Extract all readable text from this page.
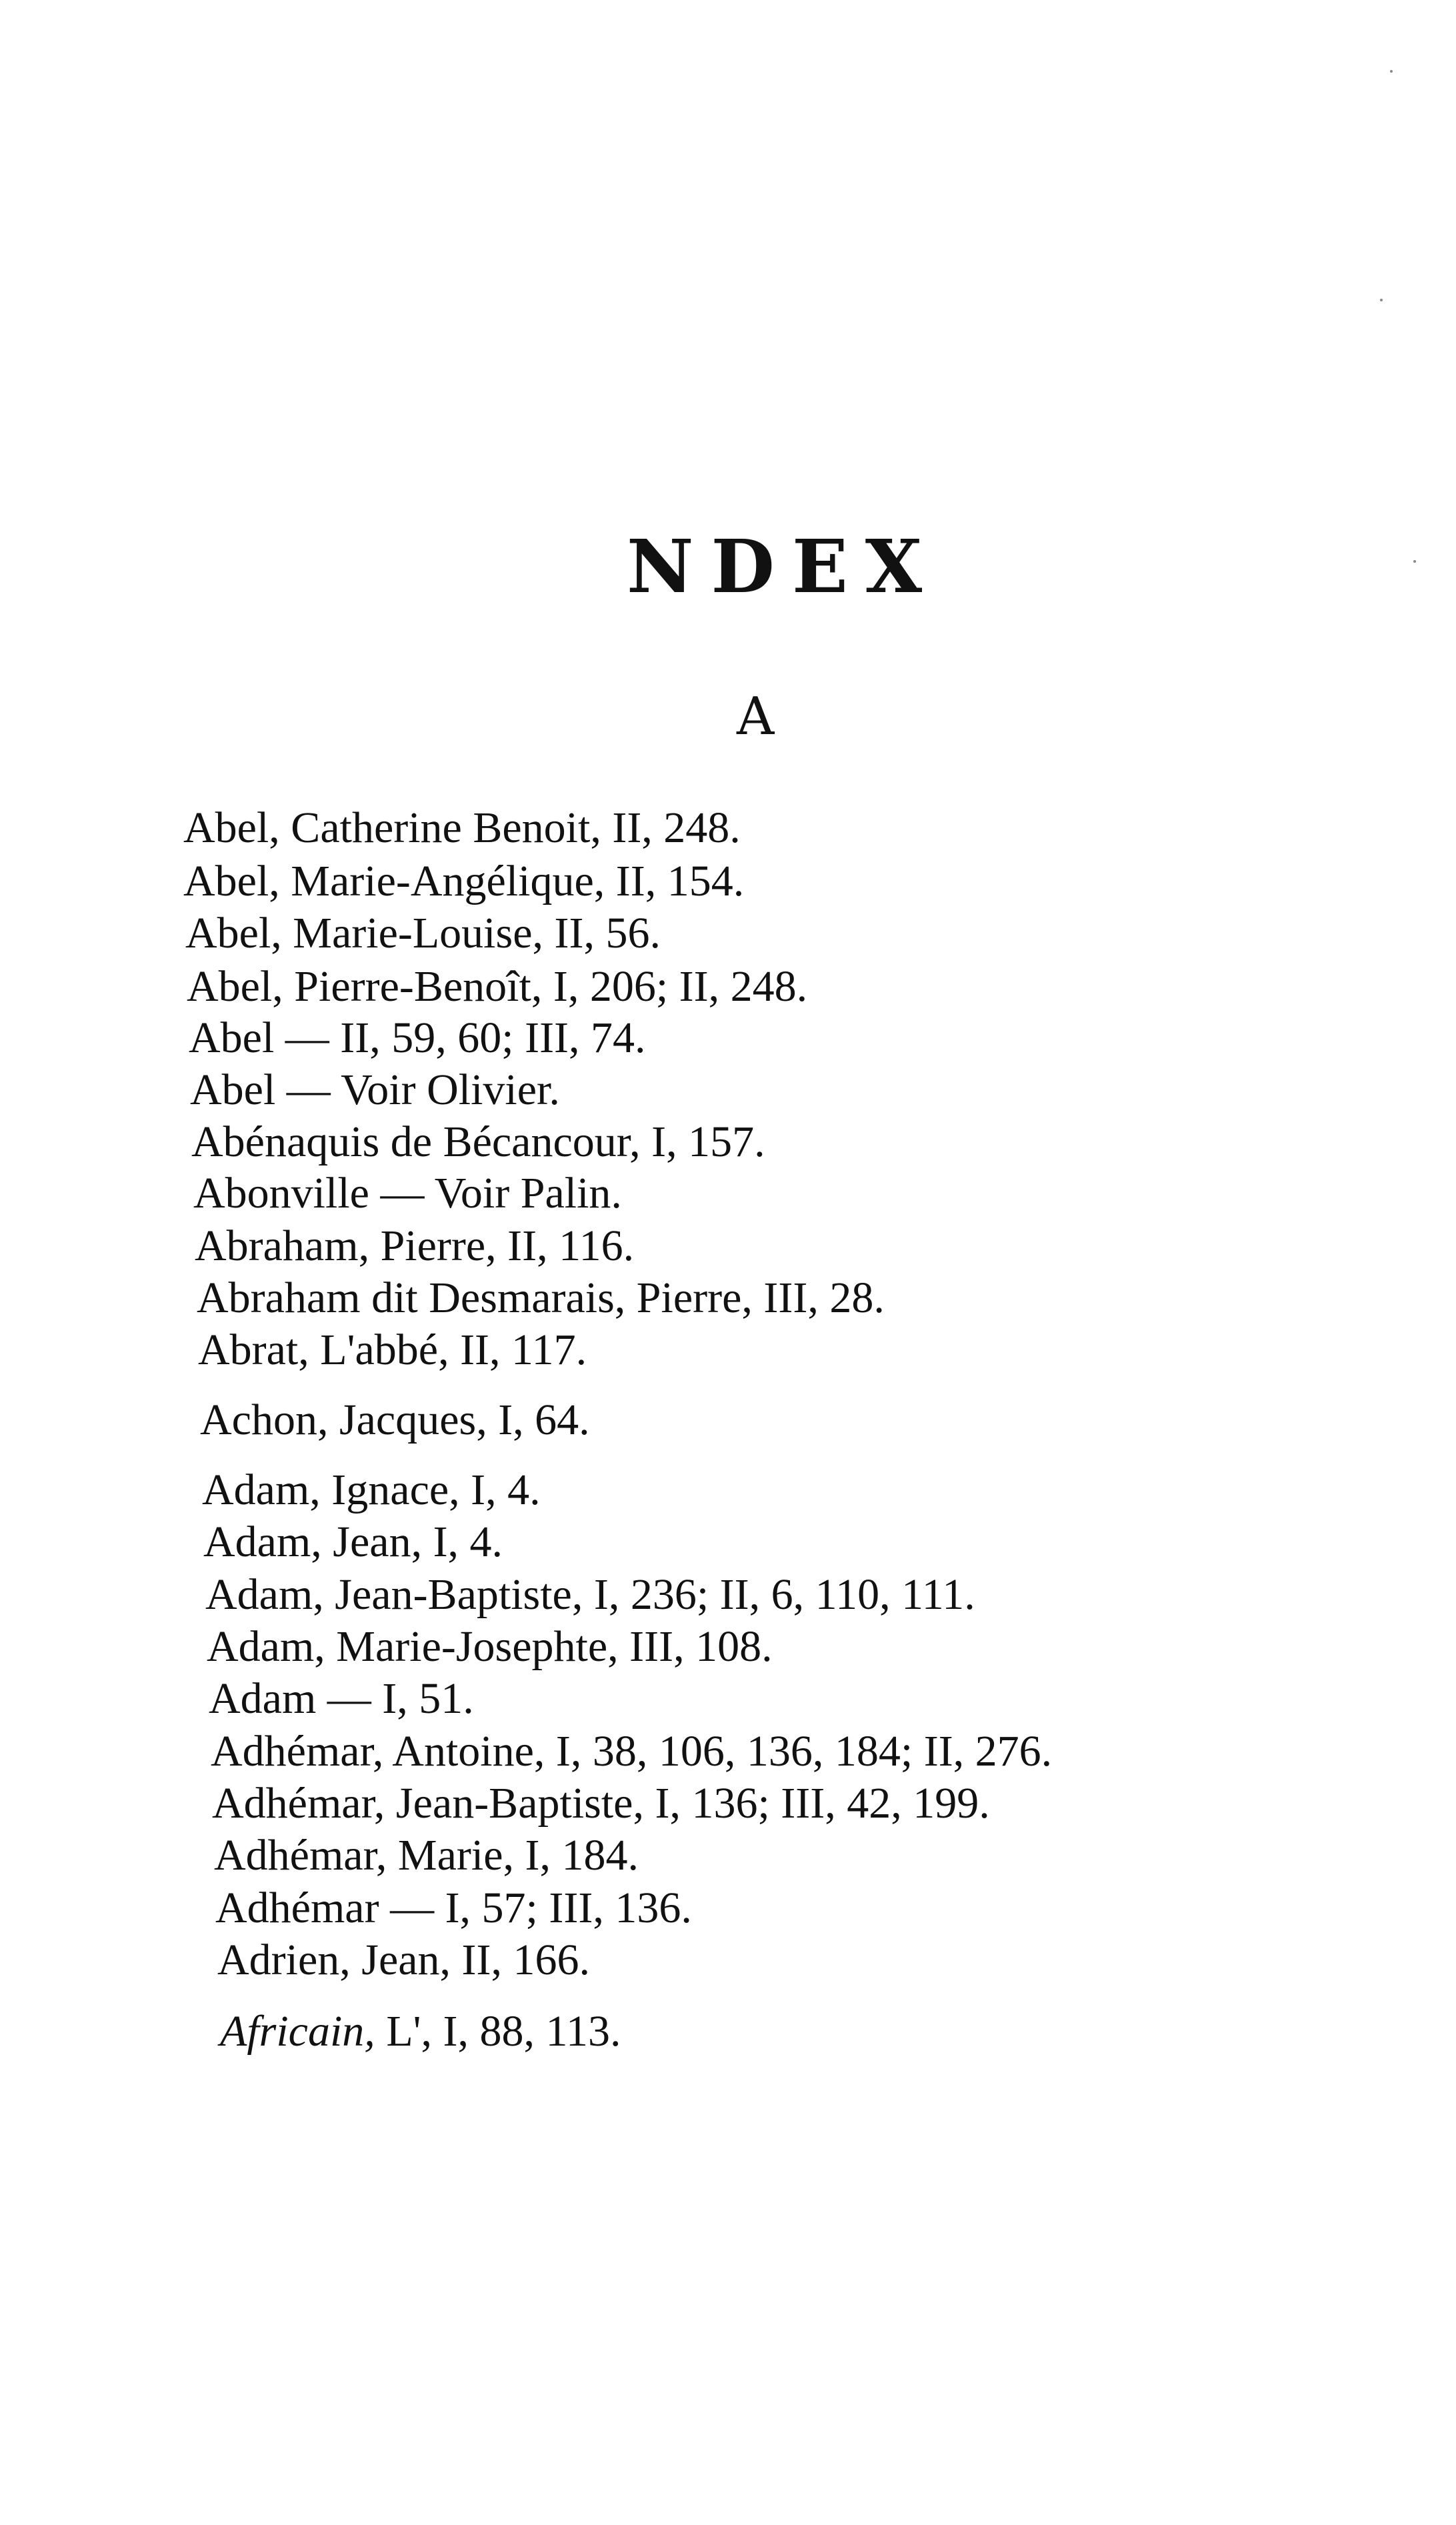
NDEX
A
Abel, Catherine Benoit, II, 248.
Abel, Marie-Angélique, II, 154.
Abel, Marie-Louise, II, 56.
Abel, Pierre-Benoît, I, 206; II, 248.
Abel — II, 59, 60; III, 74.
Abel — Voir Olivier.
Abénaquis de Bécancour, I, 157.
Abonville — Voir Palin.
Abraham, Pierre, II, 116.
Abraham dit Desmarais, Pierre, III, 28.
Abrat, L'abbé, II, 117.
Achon, Jacques, I, 64.
Adam, Ignace, I, 4.
Adam, Jean, I, 4.
Adam, Jean-Baptiste, I, 236; II, 6, 110, 111.
Adam, Marie-Josephte, III, 108.
Adam — I, 51.
Adhémar, Antoine, I, 38, 106, 136, 184; II, 276.
Adhémar, Jean-Baptiste, I, 136; III, 42, 199.
Adhémar, Marie, I, 184.
Adhémar — I, 57; III, 136.
Adrien, Jean, II, 166.
Africain, L', I, 88, 113.
